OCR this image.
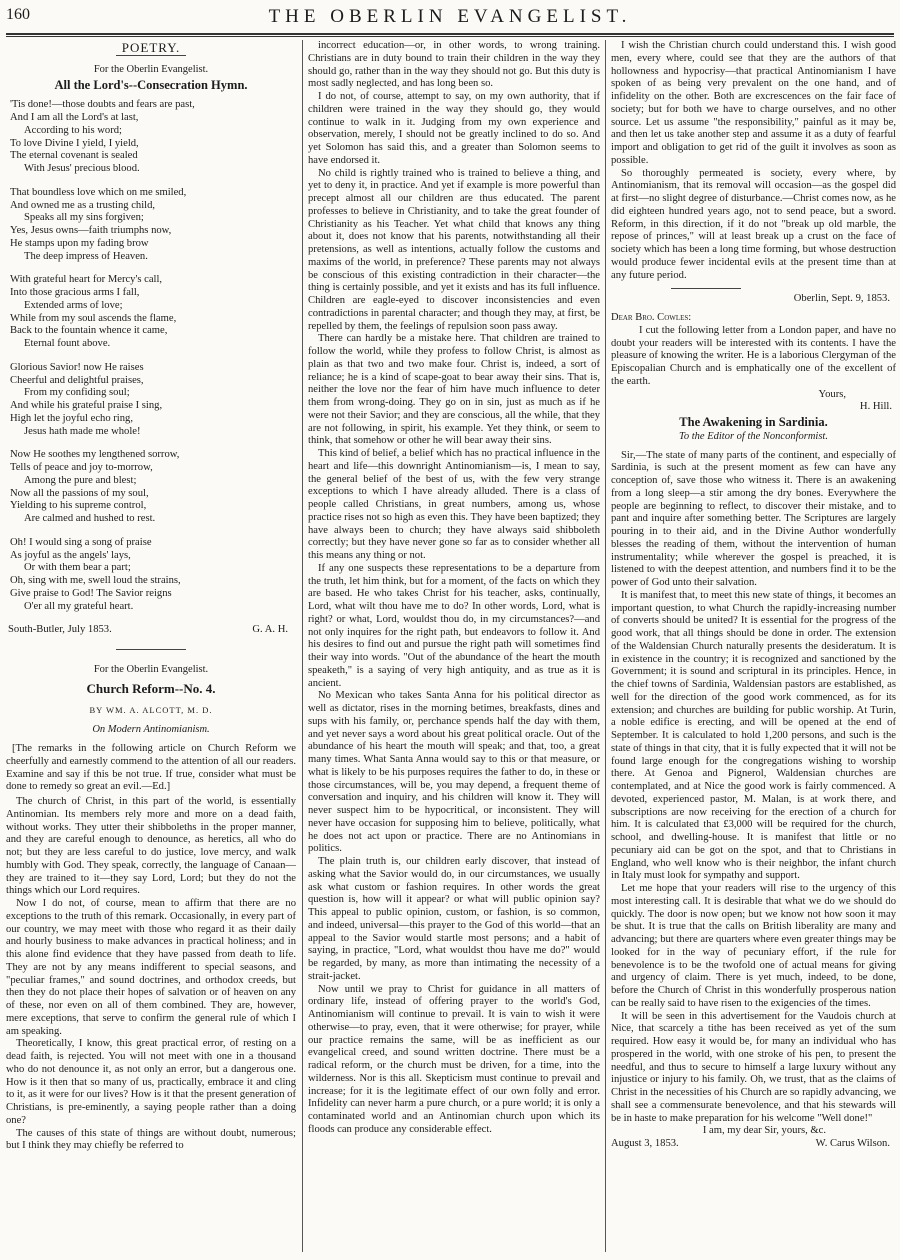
160	THE OBERLIN EVANGELIST.
POETRY.
For the Oberlin Evangelist.
All the Lord's--Consecration Hymn.
'Tis done!—those doubts and fears are past,
And I am all the Lord's at last,
According to his word;
To love Divine I yield, I yield,
The eternal covenant is sealed
With Jesus' precious blood.
That boundless love which on me smiled,
And owned me as a trusting child,
Speaks all my sins forgiven;
Yes, Jesus owns—faith triumphs now,
He stamps upon my fading brow
The deep impress of Heaven.
With grateful heart for Mercy's call,
Into those gracious arms I fall,
Extended arms of love;
While from my soul ascends the flame,
Back to the fountain whence it came,
Eternal fount above.
Glorious Savior! now He raises
Cheerful and delightful praises,
From my confiding soul;
And while his grateful praise I sing,
High let the joyful echo ring,
Jesus hath made me whole!
Now He soothes my lengthened sorrow,
Tells of peace and joy to-morrow,
Among the pure and blest;
Now all the passions of my soul,
Yielding to his supreme control,
Are calmed and hushed to rest.
Oh! I would sing a song of praise
As joyful as the angels' lays,
Or with them bear a part;
Oh, sing with me, swell loud the strains,
Give praise to God! The Savior reigns
O'er all my grateful heart.
South-Butler, July 1853.	G. A. H.
For the Oberlin Evangelist.
Church Reform--No. 4.
BY WM. A. ALCOTT, M. D.
On Modern Antinomianism.

[The remarks in the following article on Church Reform we cheerfully and earnestly commend to the attention of all our readers. Examine and say if this be not true. If true, consider what must be done to remedy so great an evil.—Ed.]

The church of Christ, in this part of the world, is essentially Antinomian. Its members rely more and more on a dead faith, without works. They utter their shibboleths in the proper manner, and they are careful enough to denounce, as heretics, all who do not; but they are less careful to do justice, love mercy, and walk humbly with God. They speak, correctly, the language of Canaan—they are trained to it—they say Lord, Lord; but they do not the things which our Lord requires.

Now I do not, of course, mean to affirm that there are no exceptions to the truth of this remark. Occasionally, in every part of our country, we may meet with those who regard it as their daily and hourly business to make advances in practical holiness; and in this alone find evidence that they have passed from death to life. They are not by any means indifferent to special seasons, and "peculiar frames," and sound doctrines, and orthodox creeds, but then they do not place their hopes of salvation or of heaven on any of these, nor even on all of them combined. They are, however, mere exceptions, that serve to confirm the general rule of which I am speaking.

Theoretically, I know, this great practical error, of resting on a dead faith, is rejected. You will not meet with one in a thousand who do not denounce it, as not only an error, but a dangerous one. How is it then that so many of us, practically, embrace it and cling to it, as it were for our lives? How is it that the present generation of Christians, is pre-eminently, a saying people rather than a doing one?

The causes of this state of things are without doubt, numerous; but I think they may chiefly be referred to

incorrect education—or, in other words, to wrong training. Christians are in duty bound to train their children in the way they should go, rather than in the way they should not go. But this duty is most sadly neglected, and has long been so.

I do not, of course, attempt to say, on my own authority, that if children were trained in the way they should go, they would continue to walk in it. Judging from my own experience and observation, merely, I should not be greatly inclined to do so. And yet Solomon has said this, and a greater than Solomon seems to have endorsed it.

No child is rightly trained who is trained to believe a thing, and yet to deny it, in practice. And yet if example is more powerful than precept almost all our children are thus educated. The parent professes to believe in Christianity, and to take the great founder of Christianity as his Teacher. Yet what child that knows any thing about it, does not know that his parents, notwithstanding all their pretensions, as well as intentions, actually follow the customs and maxims of the world, in preference? These parents may not always be conscious of this existing contradiction in their character—the thing is certainly possible, and yet it exists and has its full influence. Children are eagle-eyed to discover inconsistencies and even contradictions in parental character; and though they may, at first, be repelled by them, the feelings of repulsion soon pass away.

There can hardly be a mistake here. That children are trained to follow the world, while they profess to follow Christ, is almost as plain as that two and two make four. Christ is, indeed, a sort of reliance; he is a kind of scape-goat to bear away their sins. That is, neither the love nor the fear of him have much influence to deter them from wrong-doing. They go on in sin, just as much as if he were not their Savior; and they are conscious, all the while, that they are not following, in spirit, his example. Yet they think, or seem to think, that somehow or other he will bear away their sins.

This kind of belief, a belief which has no practical influence in the heart and life—this downright Antinomianism—is, I mean to say, the general belief of the best of us, with the few very strange exceptions to which I have already alluded. There is a class of people called Christians, in great numbers, among us, whose practice rises not so high as even this. They have been baptized; they have always been to church; they have always said shibboleth correctly; but they have never gone so far as to consider whether all this means any thing or not.

If any one suspects these representations to be a departure from the truth, let him think, but for a moment, of the facts on which they are based. He who takes Christ for his teacher, asks, continually, Lord, what wilt thou have me to do? In other words, Lord, what is right? or what, Lord, wouldst thou do, in my circumstances?—and not only inquires for the right path, but endeavors to follow it. And his desires to find out and pursue the right path will sometimes find their way into words. "Out of the abundance of the heart the mouth speaketh," is a saying of very high antiquity, and as true as it is ancient.

No Mexican who takes Santa Anna for his political director as well as dictator, rises in the morning betimes, breakfasts, dines and sups with his family, or, perchance spends half the day with them, and yet never says a word about his great political oracle. Out of the abundance of his heart the mouth will speak; and that, too, a great many times. What Santa Anna would say to this or that measure, or what is likely to be his purposes requires the father to do, in these or those circumstances, will be, you may depend, a frequent theme of conversation and inquiry, and his children will know it. They will never suspect him to be hypocritical, or inconsistent. They will never have occasion for supposing him to believe, politically, what he does not act upon or practice. There are no Antinomians in politics.

The plain truth is, our children early discover, that instead of asking what the Savior would do, in our circumstances, we usually ask what custom or fashion requires. In other words the great question is, how will it appear? or what will public opinion say? This appeal to public opinion, custom, or fashion, is so common, and indeed, universal—this prayer to the God of this world—that an appeal to the Savior would startle most persons; and a habit of saying, in practice, "Lord, what wouldst thou have me do?" would be regarded, by many, as more than intimating the necessity of a strait-jacket.

Now until we pray to Christ for guidance in all matters of ordinary life, instead of offering prayer to the world's God, Antinomianism will continue to prevail. It is vain to wish it were otherwise—to pray, even, that it were otherwise; for prayer, while our practice remains the same, will be as inefficient as our evangelical creed, and sound written doctrine. There must be a radical reform, or the church must be driven, for a time, into the wilderness. Nor is this all. Skepticism must continue to prevail and increase; for it is the legitimate effect of our own folly and error. Infidelity can never harm a pure church, or a pure world; it is only a contaminated world and an Antinomian church upon which its floods can produce any considerable effect.

I wish the Christian church could understand this. I wish good men, every where, could see that they are the authors of that hollowness and hypocrisy—that practical Antinomianism I have spoken of as being very prevalent on the one hand, and of infidelity on the other. Both are excrescences on the fair face of society; but for both we have to charge ourselves, and no other source. Let us assume "the responsibility," painful as it may be, and then let us take another step and assume it as a duty of fearful import and obligation to get rid of the guilt it involves as soon as possible.

So thoroughly permeated is society, every where, by Antinomianism, that its removal will occasion—as the gospel did at first—no slight degree of disturbance.—Christ comes now, as he did eighteen hundred years ago, not to send peace, but a sword. Reform, in this direction, if it do not "break up old marble, the repose of princes," will at least break up a crust on the face of society which has been a long time forming, but whose destruction would produce fewer incidental evils at the present time than at any future period.

Oberlin, Sept. 9, 1853.
Dear Bro. Cowles:

I cut the following letter from a London paper, and have no doubt your readers will be interested with its contents. I have the pleasure of knowing the writer. He is a laborious Clergyman of the Episcopalian Church and is emphatically one of the excellent of the earth.

Yours,
H. Hill.
The Awakening in Sardinia.
To the Editor of the Nonconformist.

Sir,—The state of many parts of the continent, and especially of Sardinia, is such at the present moment as few can have any conception of, save those who witness it. There is an awakening from a long sleep—a stir among the dry bones. Everywhere the people are beginning to reflect, to discover their mistake, and to pant and inquire after something better. The Scriptures are largely pouring in to their aid, and in the Divine Author wonderfully blesses the reading of them, without the intervention of human instrumentality; while wherever the gospel is preached, it is listened to with the deepest attention, and numbers find it to be the power of God unto their salvation.

It is manifest that, to meet this new state of things, it becomes an important question, to what Church the rapidly-increasing number of converts should be united? It is essential for the progress of the good work, that all things should be done in order. The extension of the Waldensian Church naturally presents the desideratum. It is in existence in the country; it is recognized and sanctioned by the Government; it is sound and scriptural in its principles. Hence, in the chief towns of Sardinia, Waldensian pastors are established, as well for the direction of the good work commenced, as for its extension; and churches are building for public worship. At Turin, a noble edifice is erecting, and will be opened at the end of September. It is calculated to hold 1,200 persons, and such is the state of things in that city, that it is fully expected that it will not be found large enough for the congregations wishing to worship there. At Genoa and Pignerol, Waldensian churches are contemplated, and at Nice the good work is fairly commenced. A devoted, experienced pastor, M. Malan, is at work there, and subscriptions are now receiving for the erection of a church for him. It is calculated that £3,000 will be required for the church, school, and dwelling-house. It is manifest that little or no pecuniary aid can be got on the spot, and that to Christians in England, who well know who is their neighbor, the infant church in Italy must look for sympathy and support.

Let me hope that your readers will rise to the urgency of this most interesting call. It is desirable that what we do we should do quickly. The door is now open; but we know not how soon it may be shut. It is true that the calls on British liberality are many and advancing; but there are quarters where even greater things may be looked for in the way of pecuniary effort, if the rule for benevolence is to be the twofold one of actual means for giving and urgency of claim. There is yet much, indeed, to be done, before the Church of Christ in this wonderfully prosperous nation can be really said to have risen to the exigencies of the times.

It will be seen in this advertisement for the Vaudois church at Nice, that scarcely a tithe has been received as yet of the sum required. How easy it would be, for many an individual who has prospered in the world, with one stroke of his pen, to present the needful, and thus to secure to himself a large luxury without any injustice or injury to his family. Oh, we trust, that as the claims of Christ in the necessities of his Church are so rapidly advancing, we shall see a commensurate benevolence, and that his stewards will be in haste to make preparation for his welcome "Well done!"

I am, my dear Sir, yours, &c.
August 3, 1853.	W. Carus Wilson.
